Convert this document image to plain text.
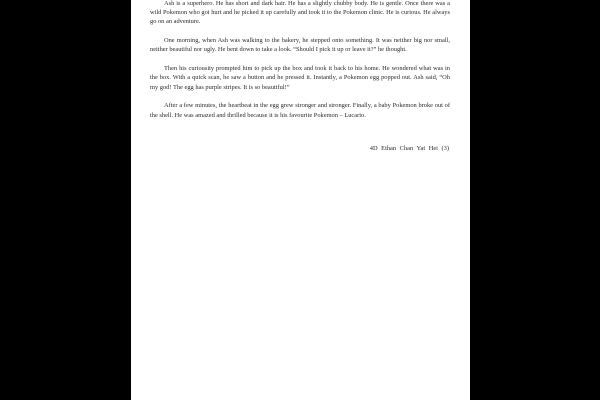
Ash is a superhero. He has short and dark hair. He has a slightly chubby body. He is gentle. Once there was a wild Pokemon who got hurt and he picked it up carefully and took it to the Pokemon clinic. He is curious. He always go on an adventure.

One morning, when Ash was walking to the bakery, he stepped onto something. It was neither big nor small, neither beautiful nor ugly. He bent down to take a look. “Should I pick it up or leave it?” he thought.

Then his curiousity prompted him to pick up the box and took it back to his home. He wondered what was in the box. With a quick scan, he saw a button and he pressed it. Instantly, a Pokemon egg popped out. Ash said, “Oh my god! The egg has purple stripes. It is so beautiful!”

After a few minutes, the heartbeat in the egg grew stronger and stronger. Finally, a baby Pokemon broke out of the shell. He was amazed and thrilled because it is his favourite Pokemon – Lucario.

4D Ethan Chan Yat Hei (3)
